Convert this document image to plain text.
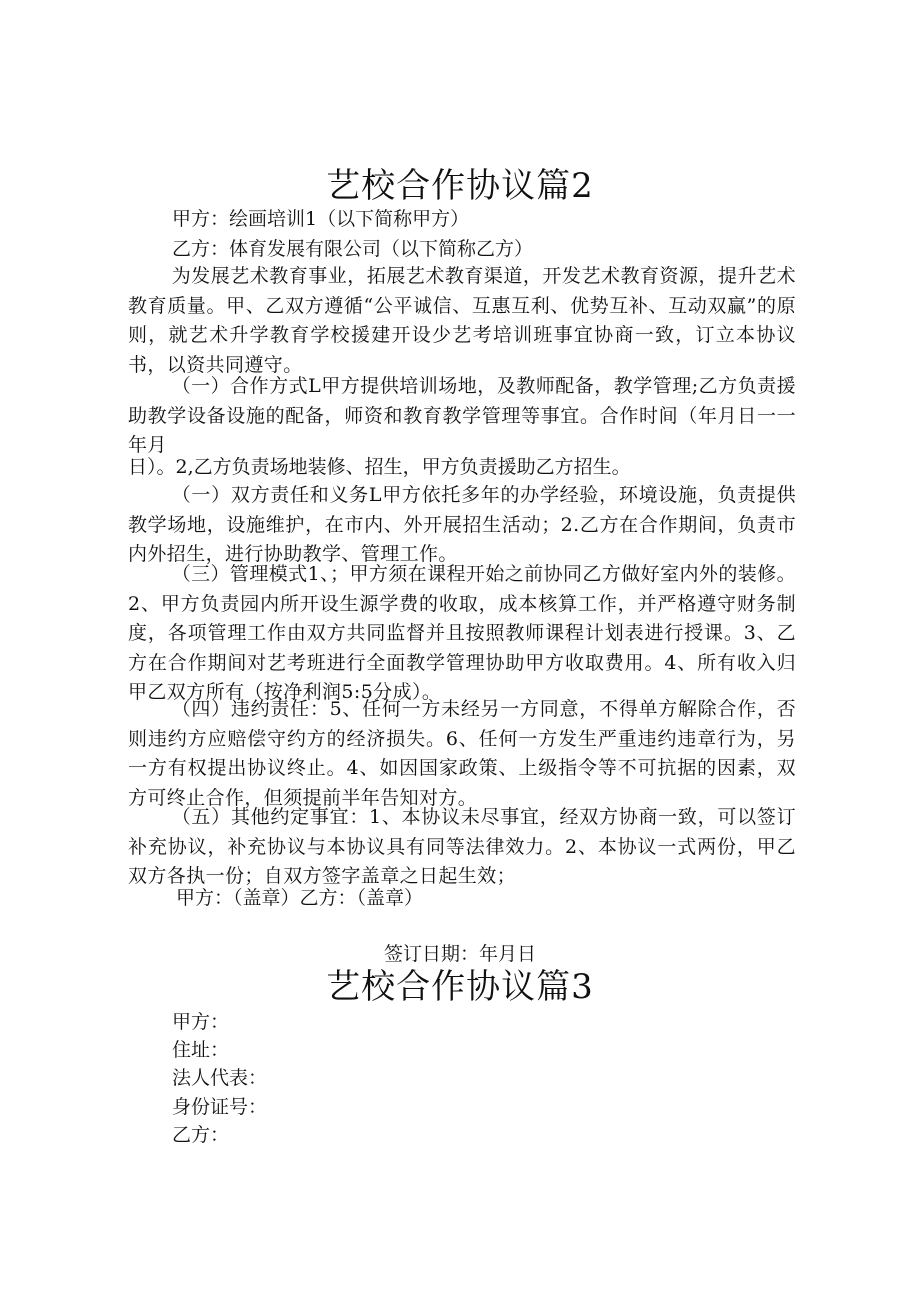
艺校合作协议篇2

甲方：绘画培训1（以下简称甲方）

乙方：体育发展有限公司（以下简称乙方）

为发展艺术教育事业，拓展艺术教育渠道，开发艺术教育资源，提升艺术教育质量。甲、乙双方遵循“公平诚信、互惠互利、优势互补、互动双赢”的原则，就艺术升学教育学校援建开设少艺考培训班事宜协商一致，订立本协议书，以资共同遵守。

（一）合作方式L甲方提供培训场地，及教师配备，教学管理;乙方负责援助教学设备设施的配备，师资和教育教学管理等事宜。合作时间（年月日一一年月

日）。2,乙方负责场地装修、招生，甲方负责援助乙方招生。

（一）双方责任和义务L甲方依托多年的办学经验，环境设施，负责提供教学场地，设施维护，在市内、外开展招生活动；2.乙方在合作期间，负责市内外招生，进行协助教学、管理工作。

（三）管理模式1、；甲方须在课程开始之前协同乙方做好室内外的装修。2、甲方负责园内所开设生源学费的收取，成本核算工作，并严格遵守财务制度，各项管理工作由双方共同监督并且按照教师课程计划表进行授课。3、乙方在合作期间对艺考班进行全面教学管理协助甲方收取费用。4、所有收入归甲乙双方所有（按净利润5:5分成）。

（四）违约责任：5、任何一方未经另一方同意，不得单方解除合作，否则违约方应赔偿守约方的经济损失。6、任何一方发生严重违约违章行为，另一方有权提出协议终止。4、如因国家政策、上级指令等不可抗据的因素，双方可终止合作，但须提前半年告知对方。

（五）其他约定事宜：1、本协议未尽事宜，经双方协商一致，可以签订补充协议，补充协议与本协议具有同等法律效力。2、本协议一式两份，甲乙双方各执一份；自双方签字盖章之日起生效；

甲方：（盖章）乙方：（盖章）

签订日期：年月日

艺校合作协议篇3

甲方：

住址：

法人代表：

身份证号：

乙方：
